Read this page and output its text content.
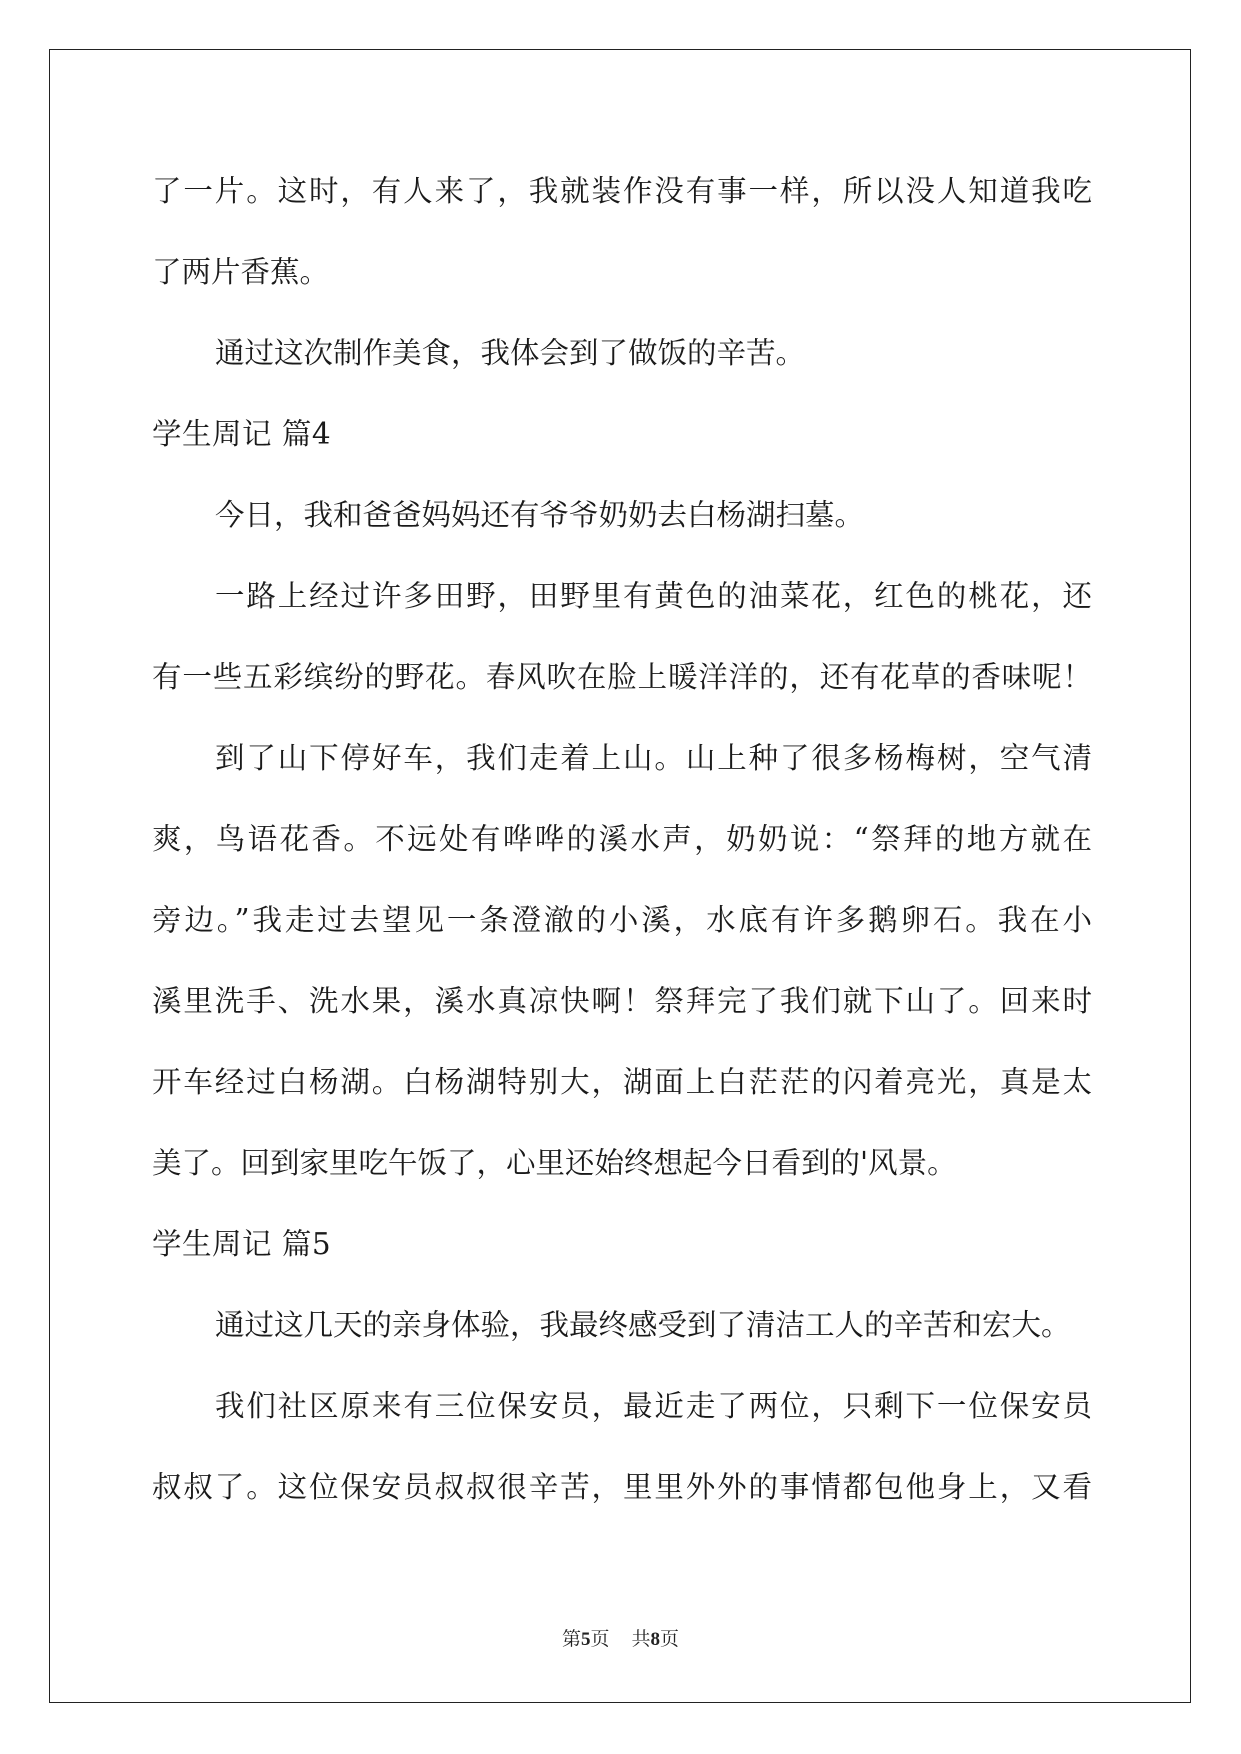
了一片。这时，有人来了，我就装作没有事一样，所以没人知道我吃
了两片香蕉。
通过这次制作美食，我体会到了做饭的辛苦。
学生周记 篇4
今日，我和爸爸妈妈还有爷爷奶奶去白杨湖扫墓。
一路上经过许多田野，田野里有黄色的油菜花，红色的桃花，还
有一些五彩缤纷的野花。春风吹在脸上暖洋洋的，还有花草的香味呢！
到了山下停好车，我们走着上山。山上种了很多杨梅树，空气清
爽，鸟语花香。不远处有哗哗的溪水声，奶奶说：“祭拜的地方就在
旁边。”我走过去望见一条澄澈的小溪，水底有许多鹅卵石。我在小
溪里洗手、洗水果，溪水真凉快啊！祭拜完了我们就下山了。回来时
开车经过白杨湖。白杨湖特别大，湖面上白茫茫的闪着亮光，真是太
美了。回到家里吃午饭了，心里还始终想起今日看到的'风景。
学生周记 篇5
通过这几天的亲身体验，我最终感受到了清洁工人的辛苦和宏大。
我们社区原来有三位保安员，最近走了两位，只剩下一位保安员
叔叔了。这位保安员叔叔很辛苦，里里外外的事情都包他身上，又看
第5页 共8页
